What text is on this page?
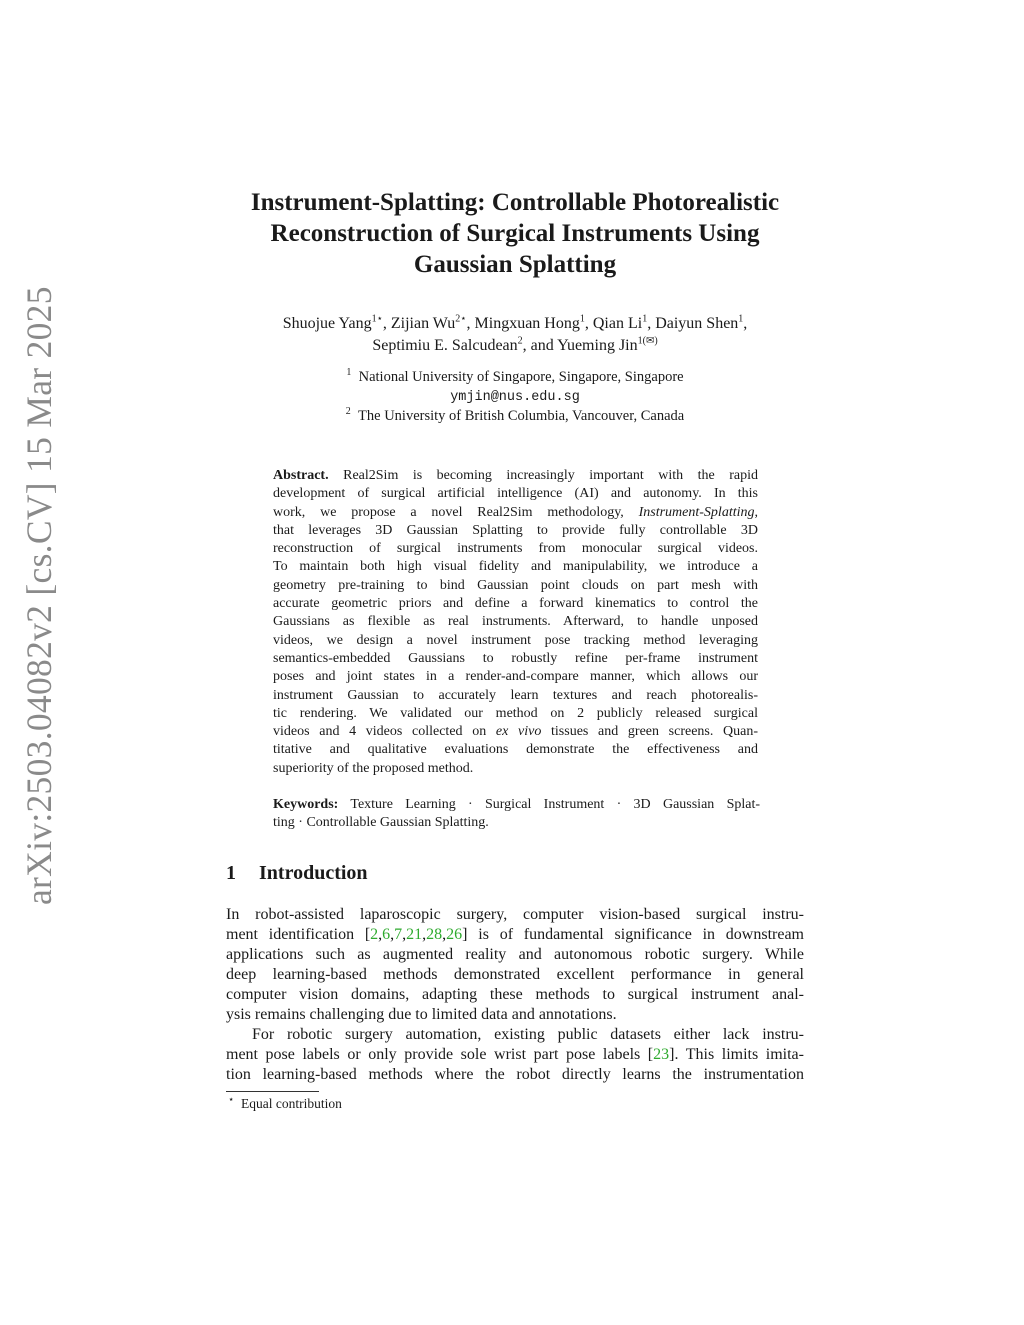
arXiv:2503.04082v2 [cs.CV] 15 Mar 2025
Instrument-Splatting: Controllable Photorealistic
Reconstruction of Surgical Instruments Using
Gaussian Splatting
Shuojue Yang$^{1⋆}$, Zijian $Wu^{2⋆}$, Mingxuan Hong$^1$, Qian Li$^1$, Daiyun Shen$^1$,
Septimiu E. Salcudean$^2$, and Yueming Jin$^{1(✉)}$
$^1$ National University of Singapore, Singapore, Singapore
ymjin@nus.edu.sg
$^2$ The University of British Columbia, Vancouver, Canada
Abstract. Real2Sim is becoming increasingly important with the rapid
development of surgical artificial intelligence (AI) and autonomy. In this
work, we propose a novel Real2Sim methodology, Instrument-Splatting,
that leverages 3D Gaussian Splatting to provide fully controllable 3D
reconstruction of surgical instruments from monocular surgical videos.
To maintain both high visual fidelity and manipulability, we introduce a
geometry pre-training to bind Gaussian point clouds on part mesh with
accurate geometric priors and define a forward kinematics to control the
Gaussians as flexible as real instruments. Afterward, to handle unposed
videos, we design a novel instrument pose tracking method leveraging
semantics-embedded Gaussians to robustly refine per-frame instrument
poses and joint states in a render-and-compare manner, which allows our
instrument Gaussian to accurately learn textures and reach photorealis-
tic rendering. We validated our method on 2 publicly released surgical
videos and 4 videos collected on ex vivo tissues and green screens. Quan-
titative and qualitative evaluations demonstrate the effectiveness and
superiority of the proposed method.
Keywords: Texture Learning · Surgical Instrument · 3D Gaussian Splat-
ting · Controllable Gaussian Splatting.
1 Introduction
In robot-assisted laparoscopic surgery, computer vision-based surgical instru-
ment identification [2,6,7,21,28,26] is of fundamental significance in downstream
applications such as augmented reality and autonomous robotic surgery. While
deep learning-based methods demonstrated excellent performance in general
computer vision domains, adapting these methods to surgical instrument anal-
ysis remains challenging due to limited data and annotations.
For robotic surgery automation, existing public datasets either lack instru-
ment pose labels or only provide sole wrist part pose labels [23]. This limits imita-
tion learning-based methods where the robot directly learns the instrumentation
⋆ Equal contribution
